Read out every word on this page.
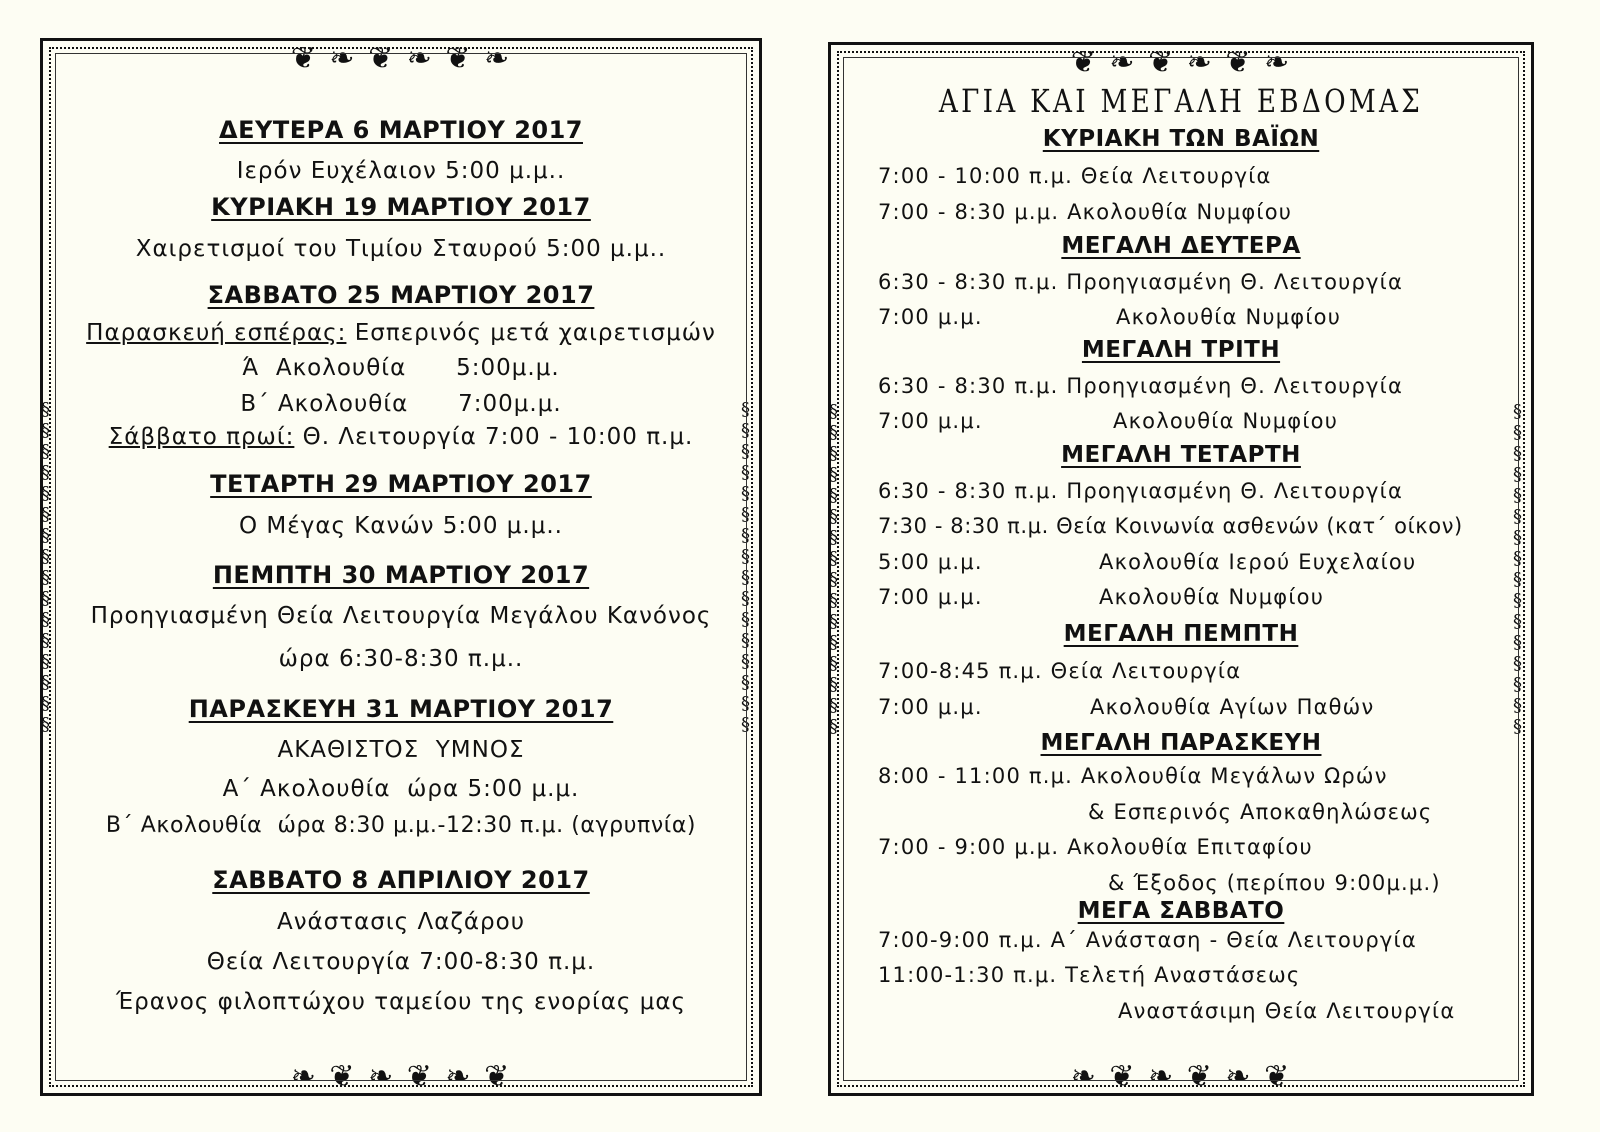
❦ ❧ ❦ ❧ ❦ ❧
❧ ❦ ❧ ❦ ❧ ❦
§ § § § § § § § § § § § § § § §
§ § § § § § § § § § § § § § § §
ΔΕΥΤΕΡΑ 6 ΜΑΡΤΙΟΥ 2017
Ιερόν Ευχέλαιον 5:00 μ.μ..
ΚΥΡΙΑΚΗ 19 ΜΑΡΤΙΟΥ 2017
Χαιρετισμοί του Τιμίου Σταυρού 5:00 μ.μ..
ΣΑΒΒΑΤΟ 25 ΜΑΡΤΙΟΥ 2017
Παρασκευή εσπέρας: Εσπερινός μετά χαιρετισμών
Ά  Ακολουθία      5:00μ.μ.
Β΄ Ακολουθία      7:00μ.μ.
Σάββατο πρωί: Θ. Λειτουργία 7:00 - 10:00 π.μ.
ΤΕΤΑΡΤΗ 29 ΜΑΡΤΙΟΥ 2017
Ο Μέγας Κανών 5:00 μ.μ..
ΠΕΜΠΤΗ 30 ΜΑΡΤΙΟΥ 2017
Προηγιασμένη Θεία Λειτουργία Μεγάλου Κανόνος
ώρα 6:30-8:30 π.μ..
ΠΑΡΑΣΚΕΥΗ 31 ΜΑΡΤΙΟΥ 2017
ΑΚΑΘΙΣΤΟΣ  ΥΜΝΟΣ
Α΄ Ακολουθία  ώρα 5:00 μ.μ.
Β΄ Ακολουθία  ώρα 8:30 μ.μ.-12:30 π.μ. (αγρυπνία)
ΣΑΒΒΑΤΟ 8 ΑΠΡΙΛΙΟΥ 2017
Ανάστασις Λαζάρου
Θεία Λειτουργία 7:00-8:30 π.μ.
Έρανος φιλοπτώχου ταμείου της ενορίας μας
❦ ❧ ❦ ❧ ❦ ❧
❧ ❦ ❧ ❦ ❧ ❦
§ § § § § § § § § § § § § § § §
§ § § § § § § § § § § § § § § §
ΑΓΙΑ ΚΑΙ ΜΕΓΑΛΗ ΕΒΔΟΜΑΣ
ΚΥΡΙΑΚΗ ΤΩΝ ΒΑΪΩΝ
7:00 - 10:00 π.μ. Θεία Λειτουργία
7:00 - 8:30 μ.μ. Ακολουθία Νυμφίου
ΜΕΓΑΛΗ ΔΕΥΤΕΡΑ
6:30 - 8:30 π.μ. Προηγιασμένη Θ. Λειτουργία
7:00 μ.μ.	Ακολουθία Νυμφίου
ΜΕΓΑΛΗ ΤΡΙΤΗ
6:30 - 8:30 π.μ. Προηγιασμένη Θ. Λειτουργία
7:00 μ.μ.	Ακολουθία Νυμφίου
ΜΕΓΑΛΗ ΤΕΤΑΡΤΗ
6:30 - 8:30 π.μ. Προηγιασμένη Θ. Λειτουργία
7:30 - 8:30 π.μ. Θεία Κοινωνία ασθενών (κατ΄ οίκον)
5:00 μ.μ.	Ακολουθία Ιερού Ευχελαίου
7:00 μ.μ.	Ακολουθία Νυμφίου
ΜΕΓΑΛΗ ΠΕΜΠΤΗ
7:00-8:45 π.μ. Θεία Λειτουργία
7:00 μ.μ.	Ακολουθία Αγίων Παθών
ΜΕΓΑΛΗ ΠΑΡΑΣΚΕΥΗ
8:00 - 11:00 π.μ. Ακολουθία Μεγάλων Ωρών
& Εσπερινός Αποκαθηλώσεως
7:00 - 9:00 μ.μ. Ακολουθία Επιταφίου
& Έξοδος (περίπου 9:00μ.μ.)
ΜΕΓΑ ΣΑΒΒΑΤΟ
7:00-9:00 π.μ. Α΄ Ανάσταση - Θεία Λειτουργία
11:00-1:30 π.μ. Τελετή Αναστάσεως
Αναστάσιμη Θεία Λειτουργία
